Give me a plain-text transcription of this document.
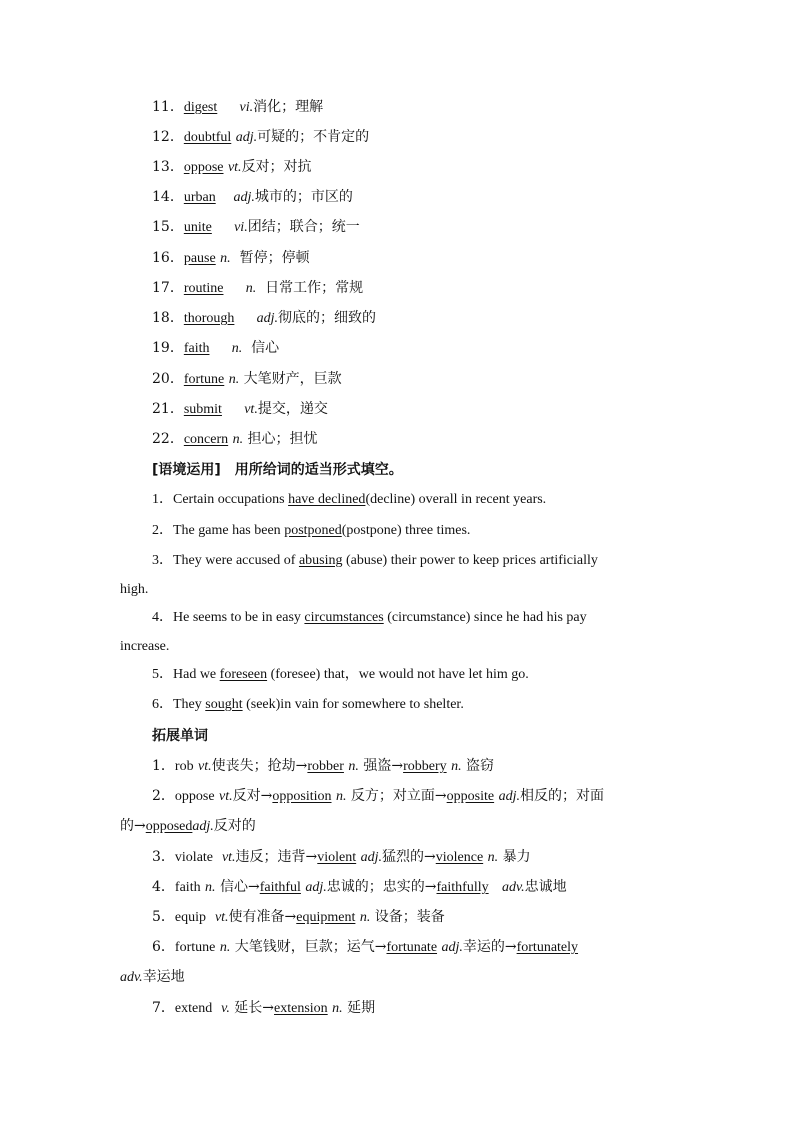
11．digest vi.消化；理解
12．doubtful adj.可疑的；不肯定的
13．oppose vt.反对；对抗
14．urban adj.城市的；市区的
15．unite vi.团结；联合；统一
16．pause n. 暂停；停顿
17．routine n. 日常工作；常规
18．thorough adj.彻底的；细致的
19．faith n. 信心
20．fortune n. 大笔财产，巨款
21．submit vt.提交，递交
22．concern n. 担心；担忧
[语境运用]　用所给词的适当形式填空。
1．Certain occupations have declined(decline) overall in recent years.
2．The game has been postponed(postpone) three times.
3．They were accused of abusing (abuse) their power to keep prices artificially
high.
4．He seems to be in easy circumstances (circumstance) since he had his pay
increase.
5．Had we foreseen (foresee) that，we would not have let him go.
6．They sought (seek)in vain for somewhere to shelter.
拓展单词
1．rob vt.使丧失；抢劫→robber n. 强盗→robbery n. 盗窃
2．oppose vt.反对→opposition n. 反方；对立面→opposite adj.相反的；对面
的→opposedadj.反对的
3．violate vt.违反；违背→violent adj.猛烈的→violence n. 暴力
4．faith n. 信心→faithful adj.忠诚的；忠实的→faithfully adv.忠诚地
5．equip vt.使有准备→equipment n. 设备；装备
6．fortune n. 大笔钱财，巨款；运气→fortunate adj.幸运的→fortunately
adv.幸运地
7．extend v. 延长→extension n. 延期
